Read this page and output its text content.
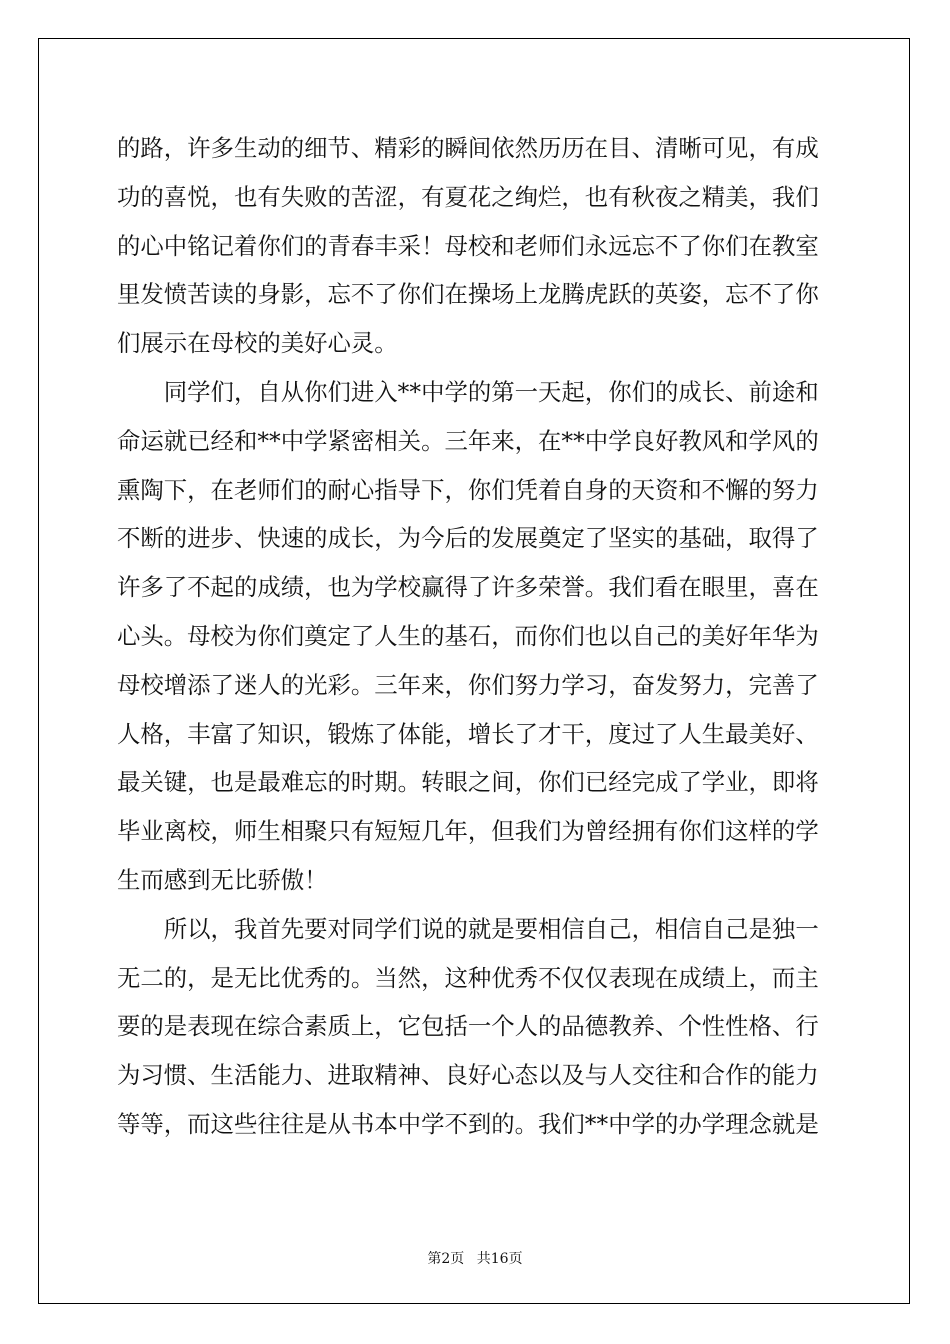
的路，许多生动的细节、精彩的瞬间依然历历在目、清晰可见，有成
功的喜悦，也有失败的苦涩，有夏花之绚烂，也有秋夜之精美，我们
的心中铭记着你们的青春丰采！母校和老师们永远忘不了你们在教室
里发愤苦读的身影，忘不了你们在操场上龙腾虎跃的英姿，忘不了你
们展示在母校的美好心灵。
　　同学们，自从你们进入**中学的第一天起，你们的成长、前途和
命运就已经和**中学紧密相关。三年来，在**中学良好教风和学风的
熏陶下，在老师们的耐心指导下，你们凭着自身的天资和不懈的努力
不断的进步、快速的成长，为今后的发展奠定了坚实的基础，取得了
许多了不起的成绩，也为学校赢得了许多荣誉。我们看在眼里，喜在
心头。母校为你们奠定了人生的基石，而你们也以自己的美好年华为
母校增添了迷人的光彩。三年来，你们努力学习，奋发努力，完善了
人格，丰富了知识，锻炼了体能，增长了才干，度过了人生最美好、
最关键，也是最难忘的时期。转眼之间，你们已经完成了学业，即将
毕业离校，师生相聚只有短短几年，但我们为曾经拥有你们这样的学
生而感到无比骄傲！
　　所以，我首先要对同学们说的就是要相信自己，相信自己是独一
无二的，是无比优秀的。当然，这种优秀不仅仅表现在成绩上，而主
要的是表现在综合素质上，它包括一个人的品德教养、个性性格、行
为习惯、生活能力、进取精神、良好心态以及与人交往和合作的能力
等等，而这些往往是从书本中学不到的。我们**中学的办学理念就是
第2页 共16页
